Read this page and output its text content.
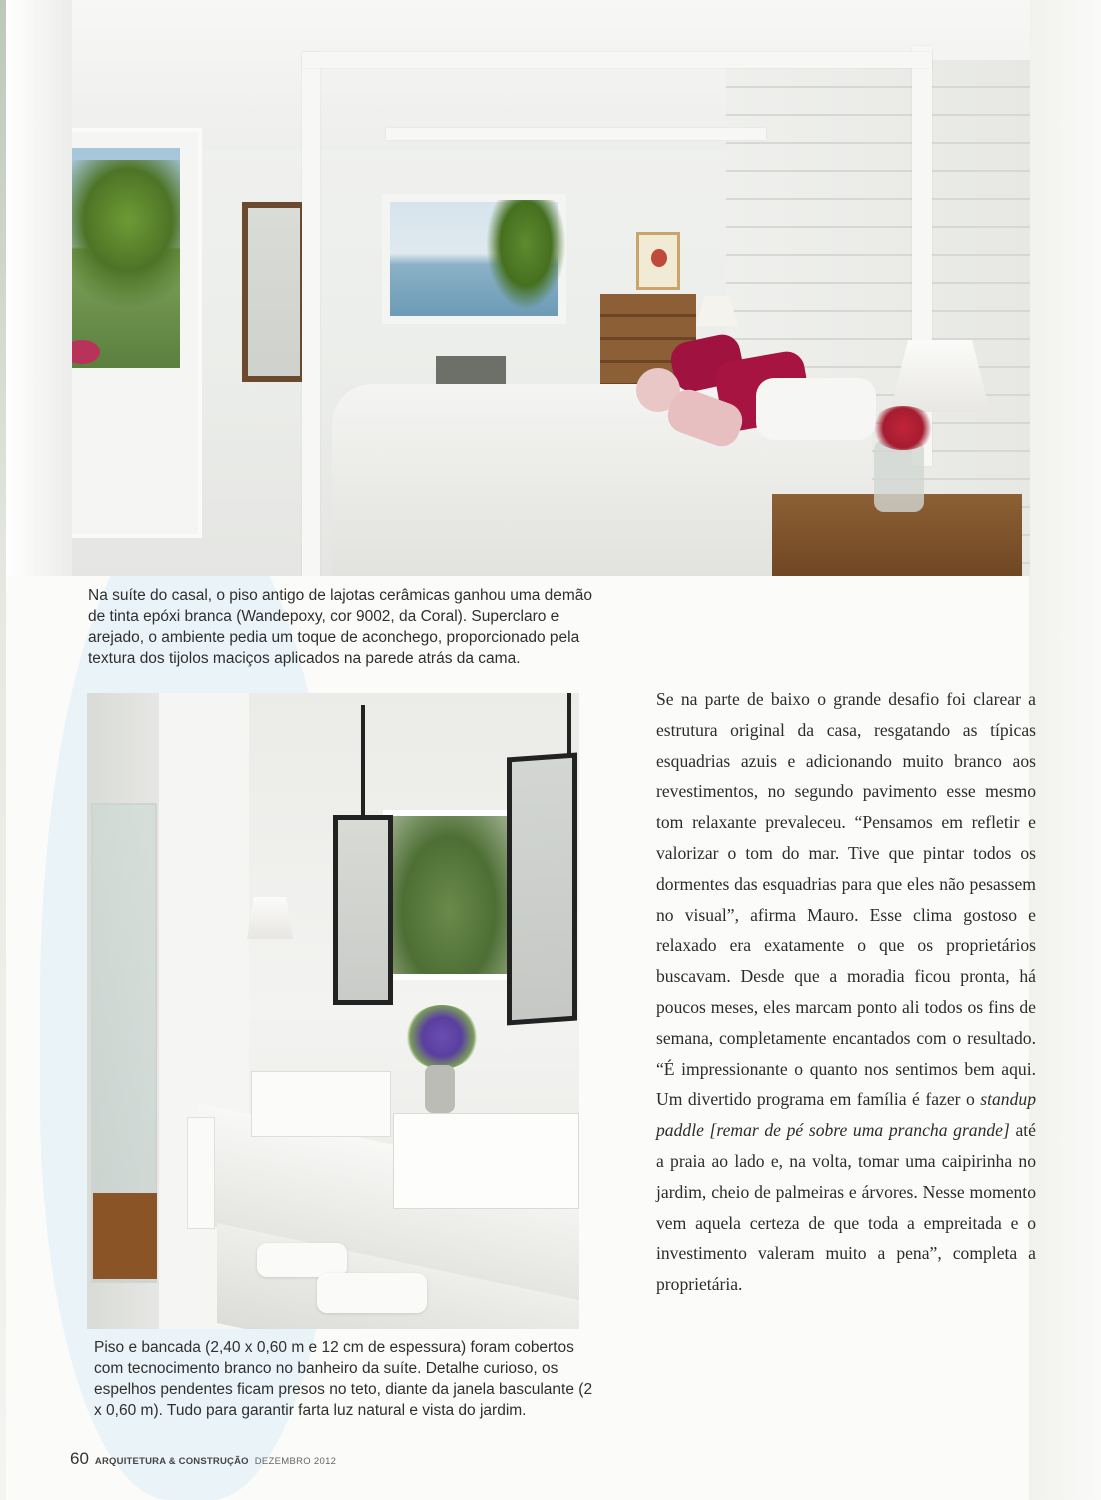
Na suíte do casal, o piso antigo de lajotas cerâmicas ganhou uma demão de tinta epóxi branca (Wandepoxy, cor 9002, da Coral). Superclaro e arejado, o ambiente pedia um toque de aconchego, proporcionado pela textura dos tijolos maciços aplicados na parede atrás da cama.

Piso e bancada (2,40 x 0,60 m e 12 cm de espessura) foram cobertos com tecnocimento branco no banheiro da suíte. Detalhe curioso, os espelhos pendentes ficam presos no teto, diante da janela basculante (2 x 0,60 m). Tudo para garantir farta luz natural e vista do jardim.

Se na parte de baixo o grande desafio foi clarear a estrutura original da casa, resgatando as típicas esquadrias azuis e adicionando muito branco aos revestimentos, no segundo pavimento esse mesmo tom relaxante prevaleceu. “Pensamos em refletir e valorizar o tom do mar. Tive que pintar todos os dormentes das esquadrias para que eles não pesassem no visual”, afirma Mauro. Esse clima gostoso e relaxado era exatamente o que os proprietários buscavam. Desde que a moradia ficou pronta, há poucos meses, eles marcam ponto ali todos os fins de semana, completamente encantados com o resultado. “É impressionante o quanto nos sentimos bem aqui. Um divertido programa em família é fazer o standup paddle [remar de pé sobre uma prancha grande] até a praia ao lado e, na volta, tomar uma caipirinha no jardim, cheio de palmeiras e árvores. Nesse momento vem aquela certeza de que toda a empreitada e o investimento valeram muito a pena”, completa a proprietária.

60 ARQUITETURA & CONSTRUÇÃO DEZEMBRO 2012
